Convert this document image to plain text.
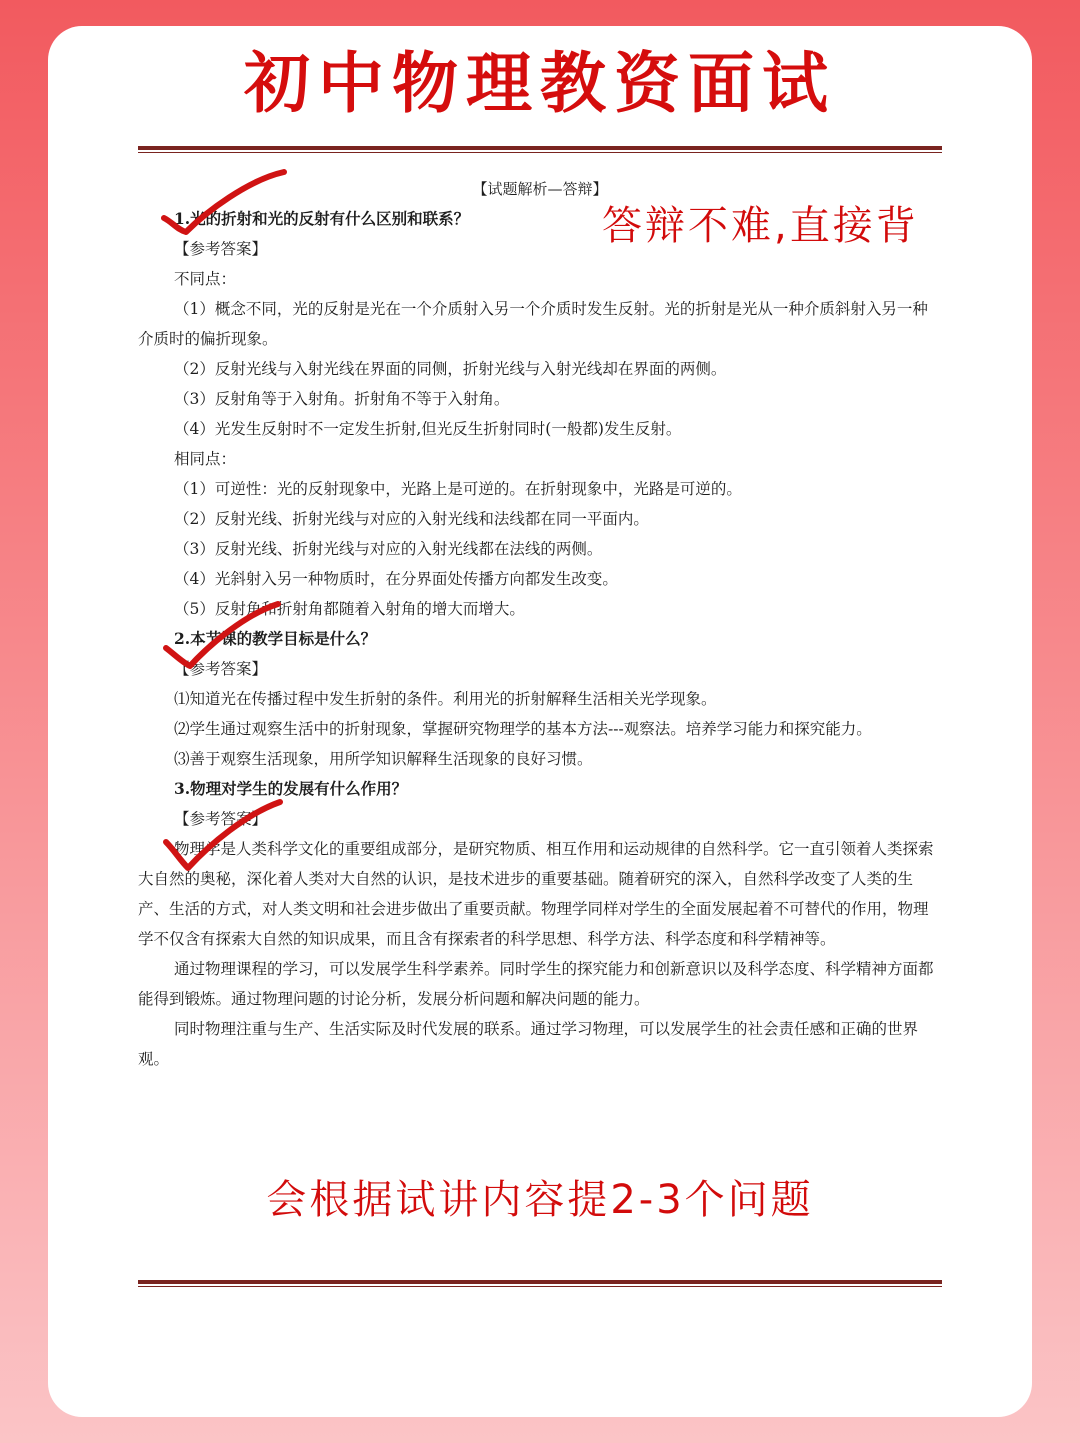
初中物理教资面试

【试题解析—答辩】

1.光的折射和光的反射有什么区别和联系？

【参考答案】

不同点：

（1）概念不同，光的反射是光在一个介质射入另一个介质时发生反射。光的折射是光从一种介质斜射入另一种介质时的偏折现象。

（2）反射光线与入射光线在界面的同侧，折射光线与入射光线却在界面的两侧。

（3）反射角等于入射角。折射角不等于入射角。

（4）光发生反射时不一定发生折射,但光反生折射同时(一般都)发生反射。

相同点：

（1）可逆性：光的反射现象中，光路上是可逆的。在折射现象中，光路是可逆的。

（2）反射光线、折射光线与对应的入射光线和法线都在同一平面内。

（3）反射光线、折射光线与对应的入射光线都在法线的两侧。

（4）光斜射入另一种物质时，在分界面处传播方向都发生改变。

（5）反射角和折射角都随着入射角的增大而增大。

2.本节课的教学目标是什么？

【参考答案】

⑴知道光在传播过程中发生折射的条件。利用光的折射解释生活相关光学现象。

⑵学生通过观察生活中的折射现象，掌握研究物理学的基本方法---观察法。培养学习能力和探究能力。

⑶善于观察生活现象，用所学知识解释生活现象的良好习惯。

3.物理对学生的发展有什么作用？

【参考答案】

物理学是人类科学文化的重要组成部分，是研究物质、相互作用和运动规律的自然科学。它一直引领着人类探索大自然的奥秘，深化着人类对大自然的认识，是技术进步的重要基础。随着研究的深入，自然科学改变了人类的生产、生活的方式，对人类文明和社会进步做出了重要贡献。物理学同样对学生的全面发展起着不可替代的作用，物理学不仅含有探索大自然的知识成果，而且含有探索者的科学思想、科学方法、科学态度和科学精神等。

通过物理课程的学习，可以发展学生科学素养。同时学生的探究能力和创新意识以及科学态度、科学精神方面都能得到锻炼。通过物理问题的讨论分析，发展分析问题和解决问题的能力。

同时物理注重与生产、生活实际及时代发展的联系。通过学习物理，可以发展学生的社会责任感和正确的世界观。

答辩不难,直接背
会根据试讲内容提2-3个问题
